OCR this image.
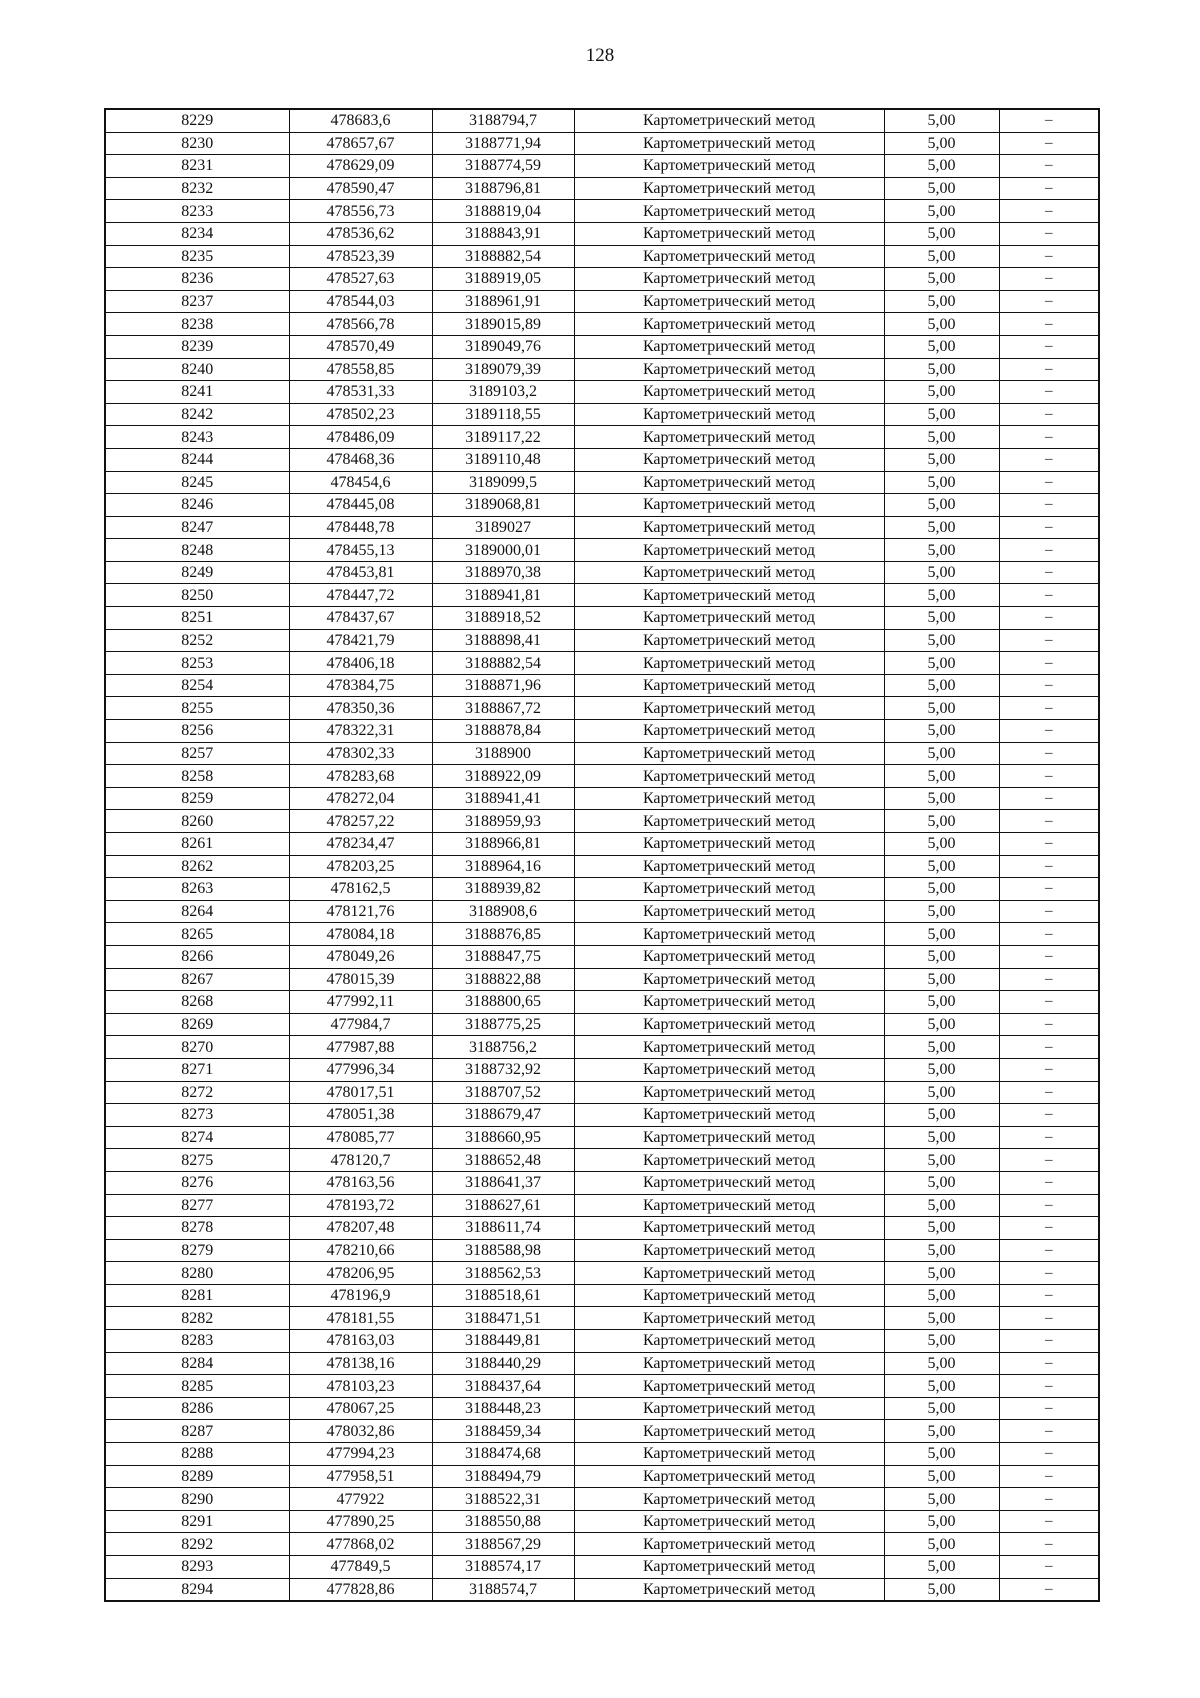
128
8229	478683,6	3188794,7	Картометрический метод	5,00	–
8230	478657,67	3188771,94	Картометрический метод	5,00	–
8231	478629,09	3188774,59	Картометрический метод	5,00	–
8232	478590,47	3188796,81	Картометрический метод	5,00	–
8233	478556,73	3188819,04	Картометрический метод	5,00	–
8234	478536,62	3188843,91	Картометрический метод	5,00	–
8235	478523,39	3188882,54	Картометрический метод	5,00	–
8236	478527,63	3188919,05	Картометрический метод	5,00	–
8237	478544,03	3188961,91	Картометрический метод	5,00	–
8238	478566,78	3189015,89	Картометрический метод	5,00	–
8239	478570,49	3189049,76	Картометрический метод	5,00	–
8240	478558,85	3189079,39	Картометрический метод	5,00	–
8241	478531,33	3189103,2	Картометрический метод	5,00	–
8242	478502,23	3189118,55	Картометрический метод	5,00	–
8243	478486,09	3189117,22	Картометрический метод	5,00	–
8244	478468,36	3189110,48	Картометрический метод	5,00	–
8245	478454,6	3189099,5	Картометрический метод	5,00	–
8246	478445,08	3189068,81	Картометрический метод	5,00	–
8247	478448,78	3189027	Картометрический метод	5,00	–
8248	478455,13	3189000,01	Картометрический метод	5,00	–
8249	478453,81	3188970,38	Картометрический метод	5,00	–
8250	478447,72	3188941,81	Картометрический метод	5,00	–
8251	478437,67	3188918,52	Картометрический метод	5,00	–
8252	478421,79	3188898,41	Картометрический метод	5,00	–
8253	478406,18	3188882,54	Картометрический метод	5,00	–
8254	478384,75	3188871,96	Картометрический метод	5,00	–
8255	478350,36	3188867,72	Картометрический метод	5,00	–
8256	478322,31	3188878,84	Картометрический метод	5,00	–
8257	478302,33	3188900	Картометрический метод	5,00	–
8258	478283,68	3188922,09	Картометрический метод	5,00	–
8259	478272,04	3188941,41	Картометрический метод	5,00	–
8260	478257,22	3188959,93	Картометрический метод	5,00	–
8261	478234,47	3188966,81	Картометрический метод	5,00	–
8262	478203,25	3188964,16	Картометрический метод	5,00	–
8263	478162,5	3188939,82	Картометрический метод	5,00	–
8264	478121,76	3188908,6	Картометрический метод	5,00	–
8265	478084,18	3188876,85	Картометрический метод	5,00	–
8266	478049,26	3188847,75	Картометрический метод	5,00	–
8267	478015,39	3188822,88	Картометрический метод	5,00	–
8268	477992,11	3188800,65	Картометрический метод	5,00	–
8269	477984,7	3188775,25	Картометрический метод	5,00	–
8270	477987,88	3188756,2	Картометрический метод	5,00	–
8271	477996,34	3188732,92	Картометрический метод	5,00	–
8272	478017,51	3188707,52	Картометрический метод	5,00	–
8273	478051,38	3188679,47	Картометрический метод	5,00	–
8274	478085,77	3188660,95	Картометрический метод	5,00	–
8275	478120,7	3188652,48	Картометрический метод	5,00	–
8276	478163,56	3188641,37	Картометрический метод	5,00	–
8277	478193,72	3188627,61	Картометрический метод	5,00	–
8278	478207,48	3188611,74	Картометрический метод	5,00	–
8279	478210,66	3188588,98	Картометрический метод	5,00	–
8280	478206,95	3188562,53	Картометрический метод	5,00	–
8281	478196,9	3188518,61	Картометрический метод	5,00	–
8282	478181,55	3188471,51	Картометрический метод	5,00	–
8283	478163,03	3188449,81	Картометрический метод	5,00	–
8284	478138,16	3188440,29	Картометрический метод	5,00	–
8285	478103,23	3188437,64	Картометрический метод	5,00	–
8286	478067,25	3188448,23	Картометрический метод	5,00	–
8287	478032,86	3188459,34	Картометрический метод	5,00	–
8288	477994,23	3188474,68	Картометрический метод	5,00	–
8289	477958,51	3188494,79	Картометрический метод	5,00	–
8290	477922	3188522,31	Картометрический метод	5,00	–
8291	477890,25	3188550,88	Картометрический метод	5,00	–
8292	477868,02	3188567,29	Картометрический метод	5,00	–
8293	477849,5	3188574,17	Картометрический метод	5,00	–
8294	477828,86	3188574,7	Картометрический метод	5,00	–
